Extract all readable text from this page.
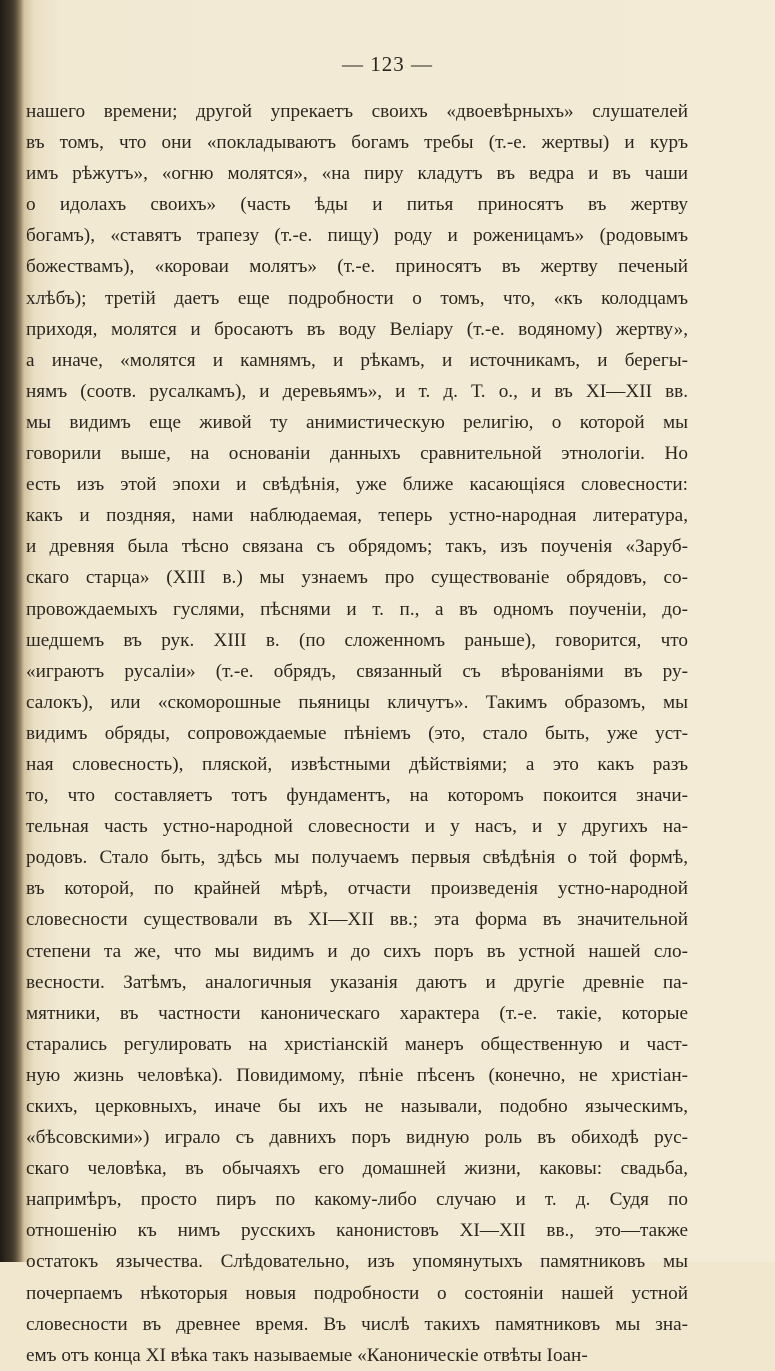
— 123 —
нашего времени; другой упрекаетъ своихъ «двоевѣрныхъ» слушателей
въ томъ, что они «покладываютъ богамъ требы (т.-е. жертвы) и куръ
имъ рѣжутъ», «огню молятся», «на пиру кладутъ въ ведра и въ чаши
о идолахъ своихъ» (часть ѣды и питья приносятъ въ жертву
богамъ), «ставятъ трапезу (т.-е. пищу) роду и роженицамъ» (родовымъ
божествамъ), «короваи молятъ» (т.-е. приносятъ въ жертву печеный
хлѣбъ); третій даетъ еще подробности о томъ, что, «къ колодцамъ
приходя, молятся и бросаютъ въ воду Веліару (т.-е. водяному) жертву»,
а иначе, «молятся и камнямъ, и рѣкамъ, и источникамъ, и берегы-
нямъ (соотв. русалкамъ), и деревьямъ», и т. д. Т. о., и въ XI—XII вв.
мы видимъ еще живой ту анимистическую религію, о которой мы
говорили выше, на основаніи данныхъ сравнительной этнологіи. Но
есть изъ этой эпохи и свѣдѣнія, уже ближе касающіяся словесности:
какъ и поздняя, нами наблюдаемая, теперь устно-народная литература,
и древняя была тѣсно связана съ обрядомъ; такъ, изъ поученія «Заруб-
скаго старца» (XIII в.) мы узнаемъ про существованіе обрядовъ, со-
провождаемыхъ гуслями, пѣснями и т. п., а въ одномъ поученіи, до-
шедшемъ въ рук. XIII в. (по сложенномъ раньше), говорится, что
«играютъ русаліи» (т.-е. обрядъ, связанный съ вѣрованіями въ ру-
салокъ), или «скоморошные пьяницы кличутъ». Такимъ образомъ, мы
видимъ обряды, сопровождаемые пѣніемъ (это, стало быть, уже уст-
ная словесность), пляской, извѣстными дѣйствіями; а это какъ разъ
то, что составляетъ тотъ фундаментъ, на которомъ покоится значи-
тельная часть устно-народной словесности и у насъ, и у другихъ на-
родовъ. Стало быть, здѣсь мы получаемъ первыя свѣдѣнія о той формѣ,
въ которой, по крайней мѣрѣ, отчасти произведенія устно-народной
словесности существовали въ XI—XII вв.; эта форма въ значительной
степени та же, что мы видимъ и до сихъ поръ въ устной нашей сло-
весности. Затѣмъ, аналогичныя указанія даютъ и другіе древніе па-
мятники, въ частности каноническаго характера (т.-е. такіе, которые
старались регулировать на христіанскій манеръ общественную и част-
ную жизнь человѣка). Повидимому, пѣніе пѣсенъ (конечно, не христіан-
скихъ, церковныхъ, иначе бы ихъ не называли, подобно языческимъ,
«бѣсовскими») играло съ давнихъ поръ видную роль въ обиходѣ рус-
скаго человѣка, въ обычаяхъ его домашней жизни, каковы: свадьба,
напримѣръ, просто пиръ по какому-либо случаю и т. д. Судя по
отношенію къ нимъ русскихъ канонистовъ XI—XII вв., это—также
остатокъ язычества. Слѣдовательно, изъ упомянутыхъ памятниковъ мы
почерпаемъ нѣкоторыя новыя подробности о состояніи нашей устной
словесности въ древнее время. Въ числѣ такихъ памятниковъ мы зна-
емъ отъ конца XI вѣка такъ называемые «Каноническіе отвѣты Іоан-
